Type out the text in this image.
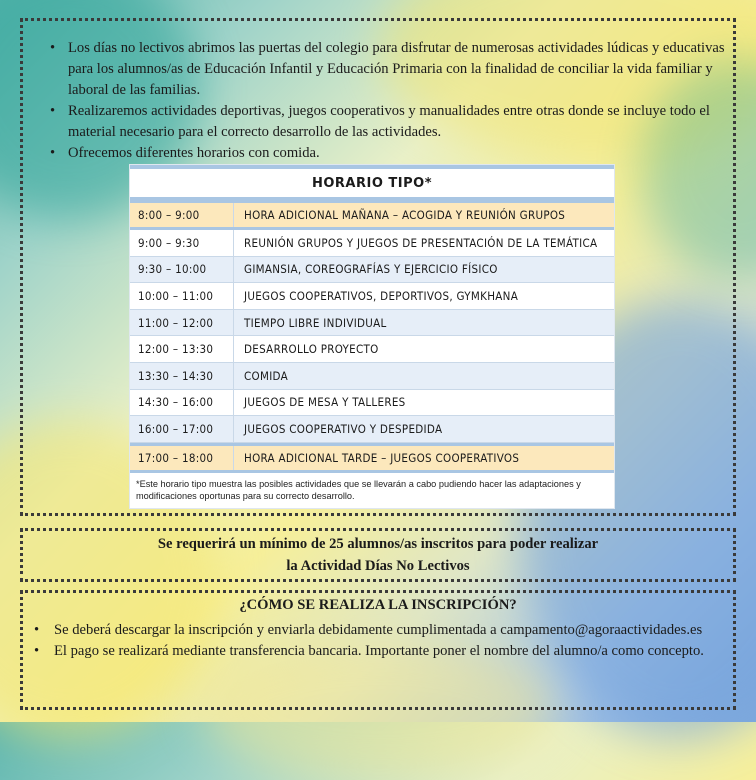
• Los días no lectivos abrimos las puertas del colegio para disfrutar de numerosas actividades lúdicas y educativas para los alumnos/as de Educación Infantil y Educación Primaria con la finalidad de conciliar la vida familiar y laboral de las familias.
• Realizaremos actividades deportivas, juegos cooperativos y manualidades entre otras donde se incluye todo el material necesario para el correcto desarrollo de las actividades.
• Ofrecemos diferentes horarios con comida.
HORARIO TIPO*
8:00 – 9:00	HORA ADICIONAL MAÑANA – ACOGIDA Y REUNIÓN GRUPOS
9:00 – 9:30	REUNIÓN GRUPOS Y JUEGOS DE PRESENTACIÓN DE LA TEMÁTICA
9:30 – 10:00	GIMANSIA, COREOGRAFÍAS Y EJERCICIO FÍSICO
10:00 – 11:00	JUEGOS COOPERATIVOS, DEPORTIVOS, GYMKHANA
11:00 – 12:00	TIEMPO LIBRE INDIVIDUAL
12:00 – 13:30	DESARROLLO PROYECTO
13:30 – 14:30	COMIDA
14:30 – 16:00	JUEGOS DE MESA Y TALLERES
16:00 – 17:00	JUEGOS COOPERATIVO Y DESPEDIDA
17:00 – 18:00	HORA ADICIONAL TARDE – JUEGOS COOPERATIVOS
*Este horario tipo muestra las posibles actividades que se llevarán a cabo pudiendo hacer las adaptaciones y modificaciones oportunas para su correcto desarrollo.
Se requerirá un mínimo de 25 alumnos/as inscritos para poder realizar
la Actividad Días No Lectivos
¿CÓMO SE REALIZA LA INSCRIPCIÓN?
• Se deberá descargar la inscripción y enviarla debidamente cumplimentada a campamento@agoraactividades.es
• El pago se realizará mediante transferencia bancaria. Importante poner el nombre del alumno/a como concepto.
